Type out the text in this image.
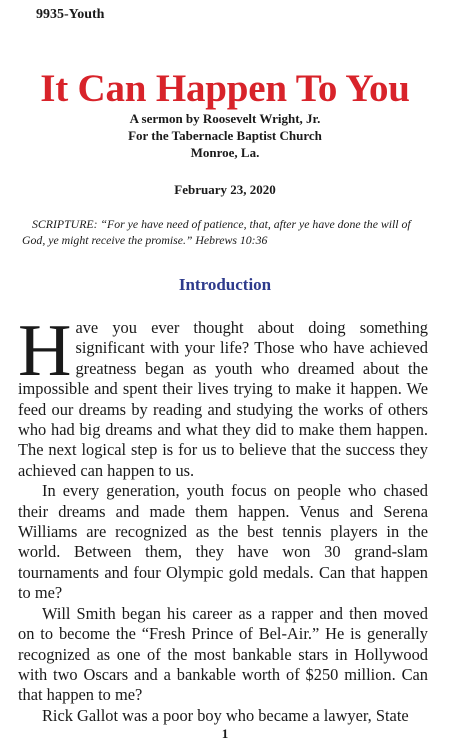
9935-Youth
It Can Happen To You
A sermon by Roosevelt Wright, Jr.
For the Tabernacle Baptist Church
Monroe, La.
February 23, 2020
SCRIPTURE: “For ye have need of patience, that, after ye have done the will of God, ye might receive the promise.” Hebrews 10:36
Introduction

Have you ever thought about doing something significant with your life? Those who have achieved greatness began as youth who dreamed about the impossible and spent their lives trying to make it happen. We feed our dreams by reading and studying the works of others who had big dreams and what they did to make them happen. The next logical step is for us to believe that the success they achieved can happen to us.

In every generation, youth focus on people who chased their dreams and made them happen. Venus and Serena Williams are recognized as the best tennis players in the world. Between them, they have won 30 grand-slam tournaments and four Olympic gold medals. Can that happen to me?

Will Smith began his career as a rapper and then moved on to become the “Fresh Prince of Bel-Air.” He is generally recognized as one of the most bankable stars in Hollywood with two Oscars and a bankable worth of $250 million. Can that happen to me?

Rick Gallot was a poor boy who became a lawyer, State

1
